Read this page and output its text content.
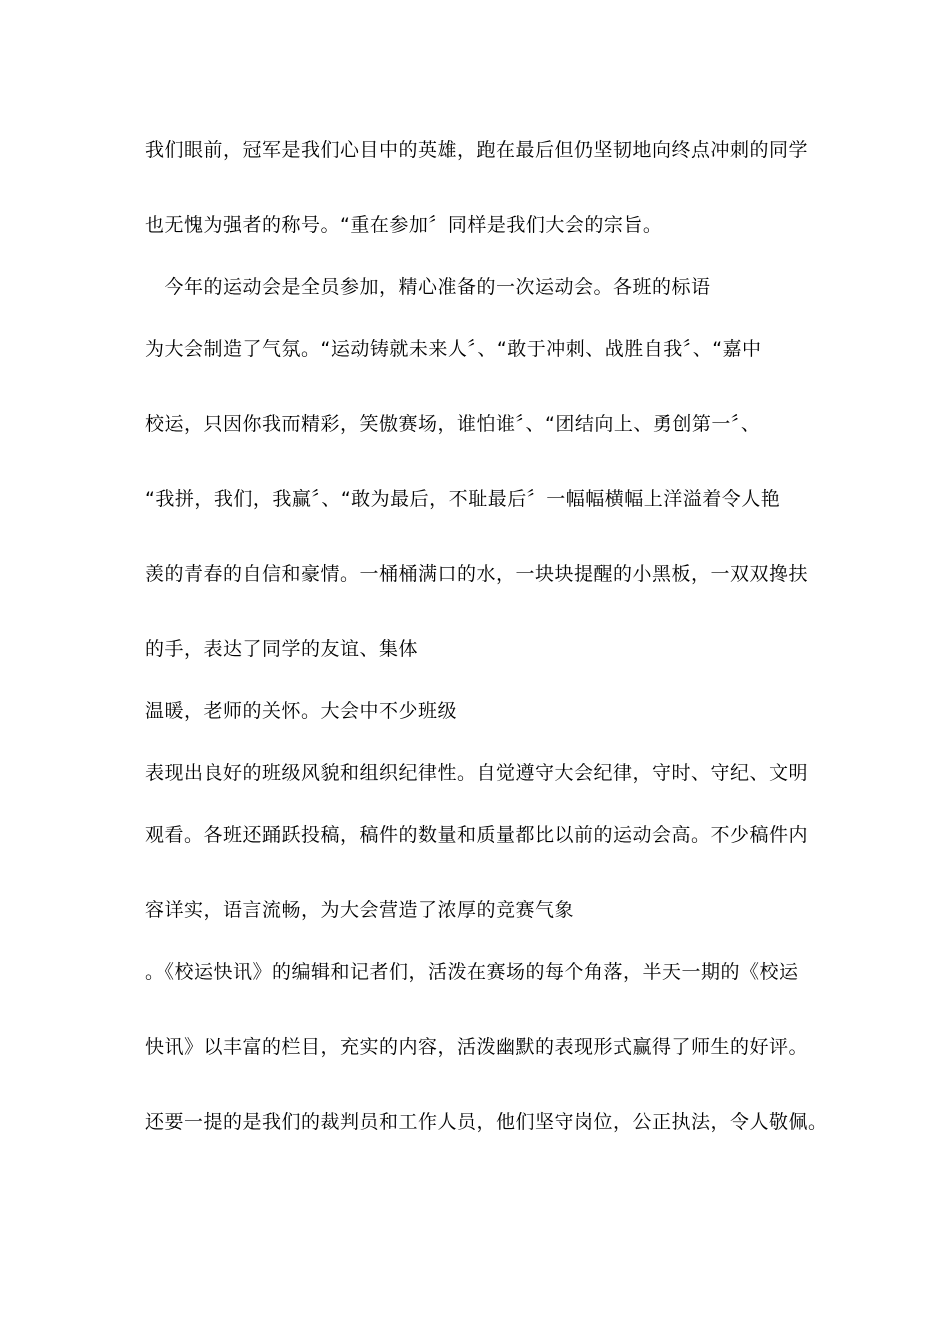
我们眼前，冠军是我们心目中的英雄，跑在最后但仍坚韧地向终点冲刺的同学
也无愧为强者的称号。“重在参加〞同样是我们大会的宗旨。
　今年的运动会是全员参加，精心准备的一次运动会。各班的标语
为大会制造了气氛。“运动铸就未来人〞、“敢于冲刺、战胜自我〞、“嘉中
校运，只因你我而精彩，笑傲赛场，谁怕谁〞、“团结向上、勇创第一〞、
“我拼，我们，我赢〞、“敢为最后，不耻最后〞一幅幅横幅上洋溢着令人艳
羡的青春的自信和豪情。一桶桶满口的水，一块块提醒的小黑板，一双双搀扶
的手，表达了同学的友谊、集体
温暖，老师的关怀。大会中不少班级
表现出良好的班级风貌和组织纪律性。自觉遵守大会纪律，守时、守纪、文明
观看。各班还踊跃投稿，稿件的数量和质量都比以前的运动会高。不少稿件内
容详实，语言流畅，为大会营造了浓厚的竞赛气象
。《校运快讯》的编辑和记者们，活泼在赛场的每个角落，半天一期的《校运
快讯》以丰富的栏目，充实的内容，活泼幽默的表现形式赢得了师生的好评。
还要一提的是我们的裁判员和工作人员，他们坚守岗位，公正执法，令人敬佩。
